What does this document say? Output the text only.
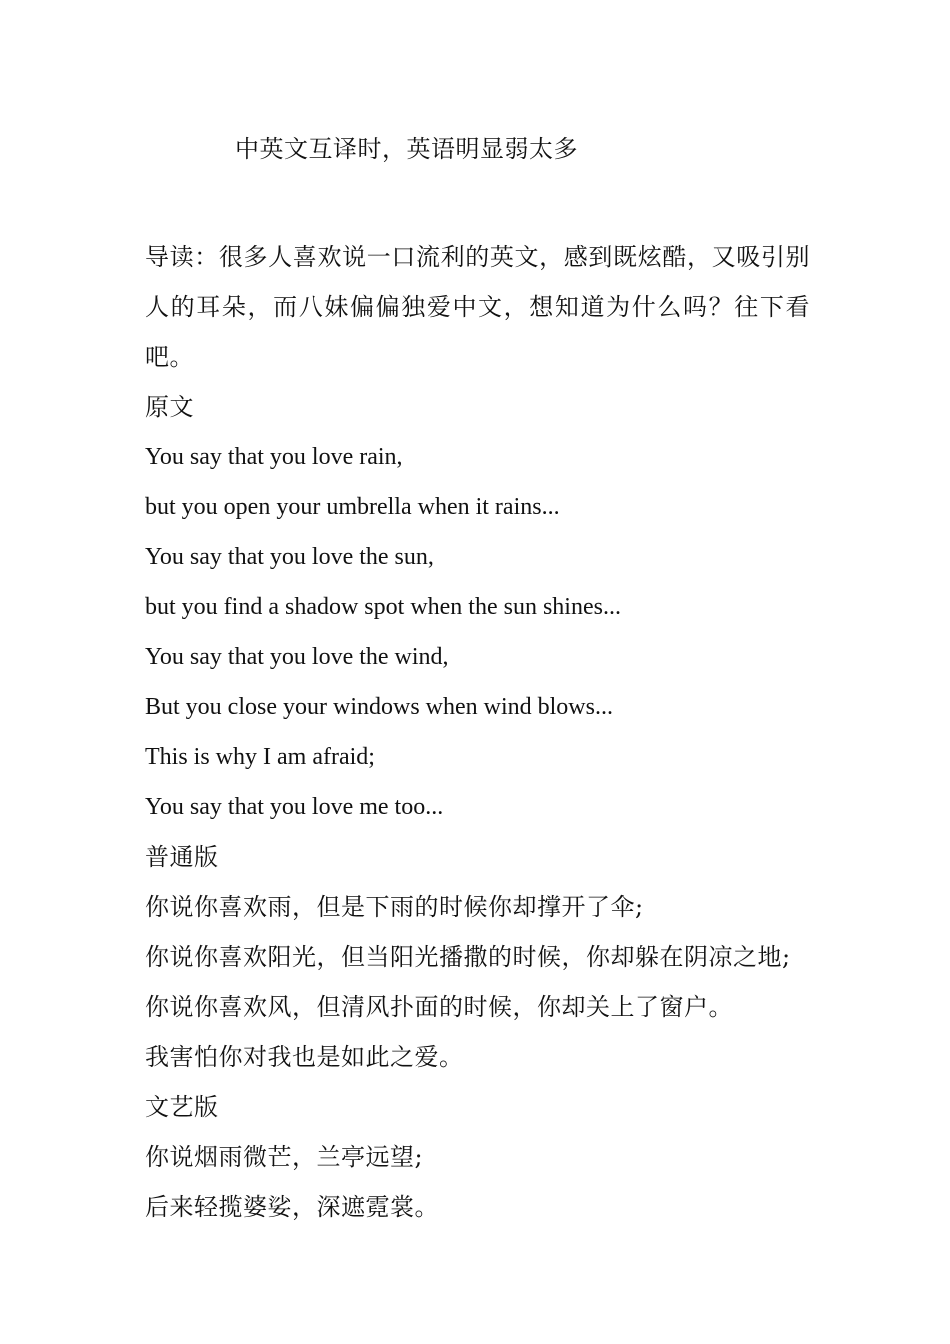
中英文互译时，英语明显弱太多

导读：很多人喜欢说一口流利的英文，感到既炫酷，又吸引别人的耳朵，而八妹偏偏独爱中文，想知道为什么吗？往下看吧。

原文

You say that you love rain,

but you open your umbrella when it rains...

You say that you love the sun,

but you find a shadow spot when the sun shines...

You say that you love the wind,

But you close your windows when wind blows...

This is why I am afraid;

You say that you love me too...

普通版

你说你喜欢雨，但是下雨的时候你却撑开了伞;

你说你喜欢阳光，但当阳光播撒的时候，你却躲在阴凉之地;

你说你喜欢风，但清风扑面的时候，你却关上了窗户。

我害怕你对我也是如此之爱。

文艺版

你说烟雨微芒，兰亭远望;

后来轻揽婆娑，深遮霓裳。
